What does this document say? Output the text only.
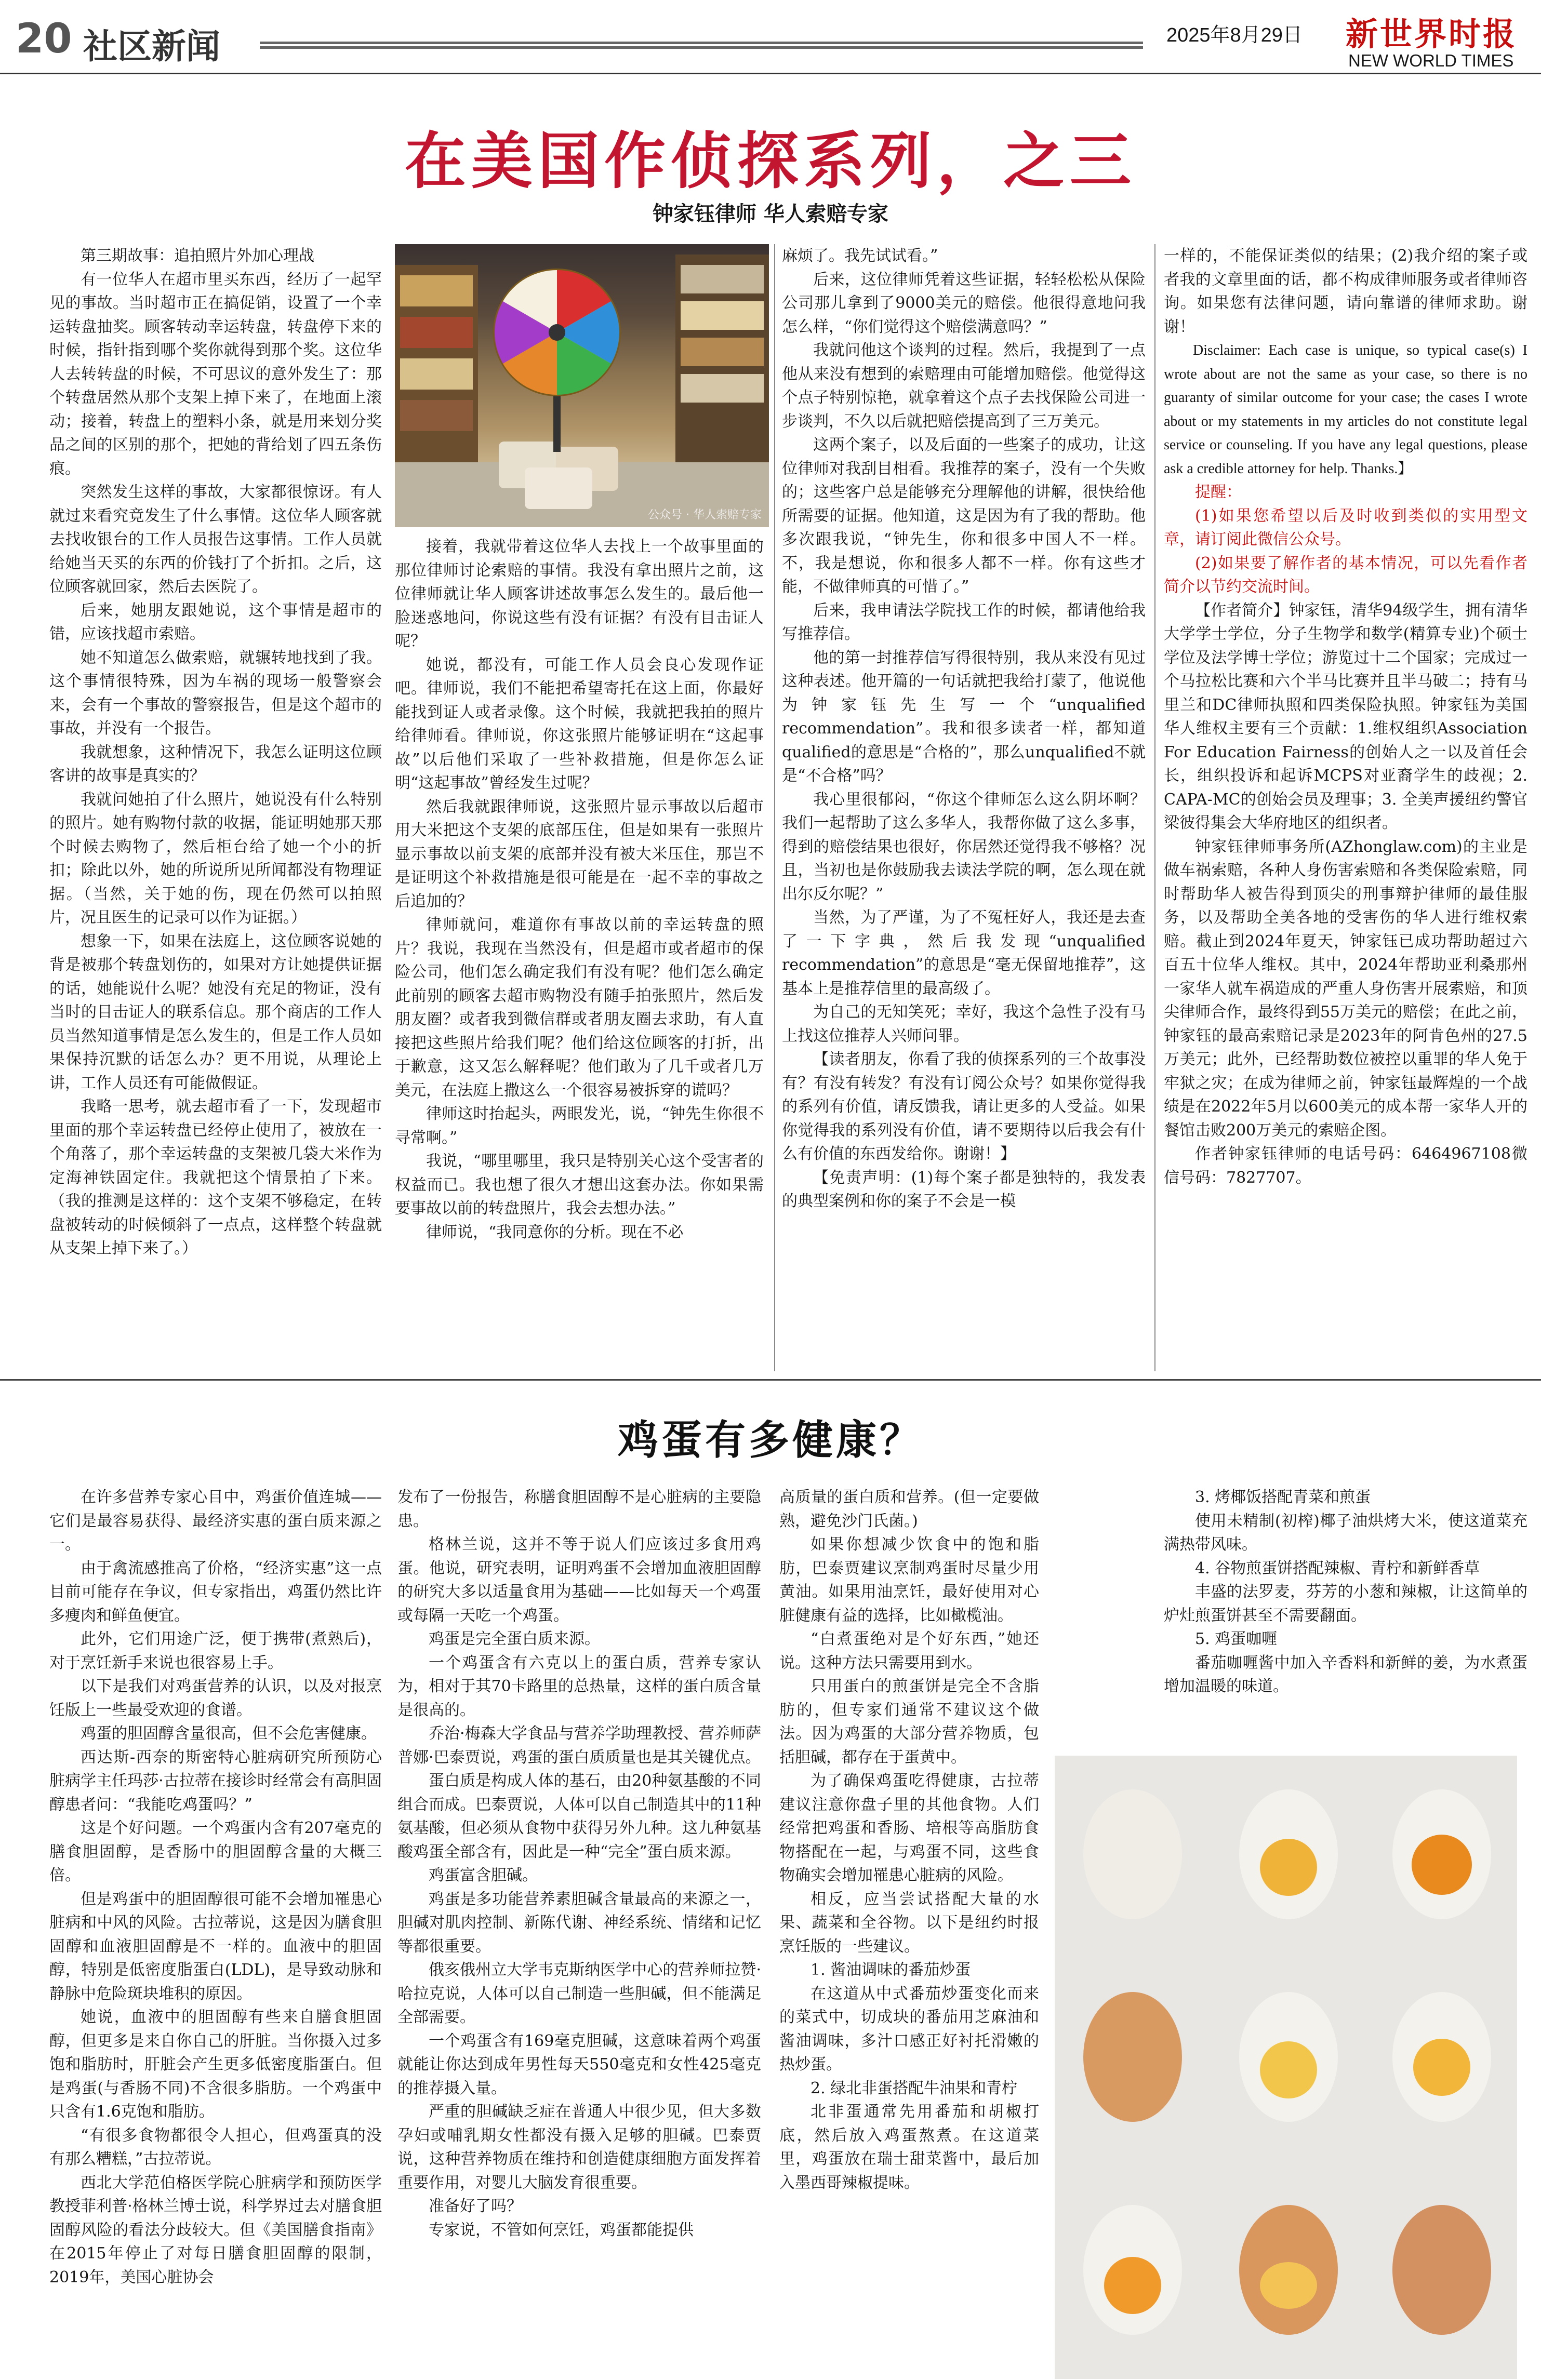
20 社区新闻	2025年8月29日 新世界时报
NEW WORLD TIMES
在美国作侦探系列，之三
钟家钰律师 华人索赔专家

第三期故事：追拍照片外加心理战

有一位华人在超市里买东西，经历了一起罕见的事故。当时超市正在搞促销，设置了一个幸运转盘抽奖。顾客转动幸运转盘，转盘停下来的时候，指针指到哪个奖你就得到那个奖。这位华人去转转盘的时候，不可思议的意外发生了：那个转盘居然从那个支架上掉下来了，在地面上滚动；接着，转盘上的塑料小条，就是用来划分奖品之间的区别的那个，把她的背给划了四五条伤痕。

突然发生这样的事故，大家都很惊讶。有人就过来看究竟发生了什么事情。这位华人顾客就去找收银台的工作人员报告这事情。工作人员就给她当天买的东西的价钱打了个折扣。之后，这位顾客就回家，然后去医院了。

后来，她朋友跟她说，这个事情是超市的错，应该找超市索赔。

她不知道怎么做索赔，就辗转地找到了我。这个事情很特殊，因为车祸的现场一般警察会来，会有一个事故的警察报告，但是这个超市的事故，并没有一个报告。

我就想象，这种情况下，我怎么证明这位顾客讲的故事是真实的？

我就问她拍了什么照片，她说没有什么特别的照片。她有购物付款的收据，能证明她那天那个时候去购物了，然后柜台给了她一个小的折扣；除此以外，她的所说所见所闻都没有物理证据。（当然，关于她的伤，现在仍然可以拍照片，况且医生的记录可以作为证据。）

想象一下，如果在法庭上，这位顾客说她的背是被那个转盘划伤的，如果对方让她提供证据的话，她能说什么呢？她没有充足的物证，没有当时的目击证人的联系信息。那个商店的工作人员当然知道事情是怎么发生的，但是工作人员如果保持沉默的话怎么办？更不用说，从理论上讲，工作人员还有可能做假证。

我略一思考，就去超市看了一下，发现超市里面的那个幸运转盘已经停止使用了，被放在一个角落了，那个幸运转盘的支架被几袋大米作为定海神铁固定住。我就把这个情景拍了下来。（我的推测是这样的：这个支架不够稳定，在转盘被转动的时候倾斜了一点点，这样整个转盘就从支架上掉下来了。）

公众号 · 华人索赔专家

接着，我就带着这位华人去找上一个故事里面的那位律师讨论索赔的事情。我没有拿出照片之前，这位律师就让华人顾客讲述故事怎么发生的。最后他一脸迷惑地问，你说这些有没有证据？有没有目击证人呢？

她说，都没有，可能工作人员会良心发现作证吧。律师说，我们不能把希望寄托在这上面，你最好能找到证人或者录像。这个时候，我就把我拍的照片给律师看。律师说，你这张照片能够证明在“这起事故”以后他们采取了一些补救措施，但是你怎么证明“这起事故”曾经发生过呢？

然后我就跟律师说，这张照片显示事故以后超市用大米把这个支架的底部压住，但是如果有一张照片显示事故以前支架的底部并没有被大米压住，那岂不是证明这个补救措施是很可能是在一起不幸的事故之后追加的？

律师就问，难道你有事故以前的幸运转盘的照片？我说，我现在当然没有，但是超市或者超市的保险公司，他们怎么确定我们有没有呢？他们怎么确定此前别的顾客去超市购物没有随手拍张照片，然后发朋友圈？或者我到微信群或者朋友圈去求助，有人直接把这些照片给我们呢？他们给这位顾客的打折，出于歉意，这又怎么解释呢？他们敢为了几千或者几万美元，在法庭上撒这么一个很容易被拆穿的谎吗？

律师这时抬起头，两眼发光，说，“钟先生你很不寻常啊。”

我说，“哪里哪里，我只是特别关心这个受害者的权益而已。我也想了很久才想出这套办法。你如果需要事故以前的转盘照片，我会去想办法。”

律师说，“我同意你的分析。现在不必

麻烦了。我先试试看。”

后来，这位律师凭着这些证据，轻轻松松从保险公司那儿拿到了9000美元的赔偿。他很得意地问我怎么样，“你们觉得这个赔偿满意吗？”

我就问他这个谈判的过程。然后，我提到了一点他从来没有想到的索赔理由可能增加赔偿。他觉得这个点子特别惊艳，就拿着这个点子去找保险公司进一步谈判，不久以后就把赔偿提高到了三万美元。

这两个案子，以及后面的一些案子的成功，让这位律师对我刮目相看。我推荐的案子，没有一个失败的；这些客户总是能够充分理解他的讲解，很快给他所需要的证据。他知道，这是因为有了我的帮助。他多次跟我说，“钟先生，你和很多中国人不一样。不，我是想说，你和很多人都不一样。你有这些才能，不做律师真的可惜了。”

后来，我申请法学院找工作的时候，都请他给我写推荐信。

他的第一封推荐信写得很特别，我从来没有见过这种表述。他开篇的一句话就把我给打蒙了，他说他为钟家钰先生写一个“unqualified recommendation”。我和很多读者一样，都知道qualified的意思是“合格的”，那么unqualified不就是“不合格”吗？

我心里很郁闷，“你这个律师怎么这么阴坏啊？我们一起帮助了这么多华人，我帮你做了这么多事，得到的赔偿结果也很好，你居然还觉得我不够格？况且，当初也是你鼓励我去读法学院的啊，怎么现在就出尔反尔呢？”

当然，为了严谨，为了不冤枉好人，我还是去查了一下字典，然后我发现“unqualified recommendation”的意思是“毫无保留地推荐”，这基本上是推荐信里的最高级了。

为自己的无知笑死；幸好，我这个急性子没有马上找这位推荐人兴师问罪。

【读者朋友，你看了我的侦探系列的三个故事没有？有没有转发？有没有订阅公众号？如果你觉得我的系列有价值，请反馈我，请让更多的人受益。如果你觉得我的系列没有价值，请不要期待以后我会有什么有价值的东西发给你。谢谢！】

【免责声明：(1)每个案子都是独特的，我发表的典型案例和你的案子不会是一模

一样的，不能保证类似的结果；(2)我介绍的案子或者我的文章里面的话，都不构成律师服务或者律师咨询。如果您有法律问题，请向靠谱的律师求助。谢谢！

Disclaimer: Each case is unique, so typical case(s) I wrote about are not the same as your case, so there is no guaranty of similar outcome for your case; the cases I wrote about or my statements in my articles do not constitute legal service or counseling. If you have any legal questions, please ask a credible attorney for help. Thanks.】

提醒：

(1)如果您希望以后及时收到类似的实用型文章，请订阅此微信公众号。

(2)如果要了解作者的基本情况，可以先看作者简介以节约交流时间。

【作者简介】钟家钰，清华94级学生，拥有清华大学学士学位，分子生物学和数学(精算专业)个硕士学位及法学博士学位；游览过十二个国家；完成过一个马拉松比赛和六个半马比赛并且半马破二；持有马里兰和DC律师执照和四类保险执照。钟家钰为美国华人维权主要有三个贡献：1.维权组织Association For Education Fairness的创始人之一以及首任会长，组织投诉和起诉MCPS对亚裔学生的歧视；2. CAPA-MC的创始会员及理事；3. 全美声援纽约警官梁彼得集会大华府地区的组织者。

钟家钰律师事务所(AZhonglaw.com)的主业是做车祸索赔，各种人身伤害索赔和各类保险索赔，同时帮助华人被告得到顶尖的刑事辩护律师的最佳服务，以及帮助全美各地的受害伤的华人进行维权索赔。截止到2024年夏天，钟家钰已成功帮助超过六百五十位华人维权。其中，2024年帮助亚利桑那州一家华人就车祸造成的严重人身伤害开展索赔，和顶尖律师合作，最终得到55万美元的赔偿；在此之前，钟家钰的最高索赔记录是2023年的阿肯色州的27.5万美元；此外，已经帮助数位被控以重罪的华人免于牢狱之灾；在成为律师之前，钟家钰最辉煌的一个战绩是在2022年5月以600美元的成本帮一家华人开的餐馆击败200万美元的索赔企图。

作者钟家钰律师的电话号码：6464967108微信号码：7827707。

鸡蛋有多健康？

在许多营养专家心目中，鸡蛋价值连城——它们是最容易获得、最经济实惠的蛋白质来源之一。

由于禽流感推高了价格，“经济实惠”这一点目前可能存在争议，但专家指出，鸡蛋仍然比许多瘦肉和鲜鱼便宜。

此外，它们用途广泛，便于携带(煮熟后)，对于烹饪新手来说也很容易上手。

以下是我们对鸡蛋营养的认识，以及对报烹饪版上一些最受欢迎的食谱。

鸡蛋的胆固醇含量很高，但不会危害健康。

西达斯-西奈的斯密特心脏病研究所预防心脏病学主任玛莎·古拉蒂在接诊时经常会有高胆固醇患者问：“我能吃鸡蛋吗？”

这是个好问题。一个鸡蛋内含有207毫克的膳食胆固醇，是香肠中的胆固醇含量的大概三倍。

但是鸡蛋中的胆固醇很可能不会增加罹患心脏病和中风的风险。古拉蒂说，这是因为膳食胆固醇和血液胆固醇是不一样的。血液中的胆固醇，特别是低密度脂蛋白(LDL)，是导致动脉和静脉中危险斑块堆积的原因。

她说，血液中的胆固醇有些来自膳食胆固醇，但更多是来自你自己的肝脏。当你摄入过多饱和脂肪时，肝脏会产生更多低密度脂蛋白。但是鸡蛋(与香肠不同)不含很多脂肪。一个鸡蛋中只含有1.6克饱和脂肪。

“有很多食物都很令人担心，但鸡蛋真的没有那么糟糕，”古拉蒂说。

西北大学范伯格医学院心脏病学和预防医学教授菲利普·格林兰博士说，科学界过去对膳食胆固醇风险的看法分歧较大。但《美国膳食指南》在2015年停止了对每日膳食胆固醇的限制，2019年，美国心脏协会

发布了一份报告，称膳食胆固醇不是心脏病的主要隐患。

格林兰说，这并不等于说人们应该过多食用鸡蛋。他说，研究表明，证明鸡蛋不会增加血液胆固醇的研究大多以适量食用为基础——比如每天一个鸡蛋或每隔一天吃一个鸡蛋。

鸡蛋是完全蛋白质来源。

一个鸡蛋含有六克以上的蛋白质，营养专家认为，相对于其70卡路里的总热量，这样的蛋白质含量是很高的。

乔治·梅森大学食品与营养学助理教授、营养师萨普娜·巴泰贾说，鸡蛋的蛋白质质量也是其关键优点。

蛋白质是构成人体的基石，由20种氨基酸的不同组合而成。巴泰贾说，人体可以自己制造其中的11种氨基酸，但必须从食物中获得另外九种。这九种氨基酸鸡蛋全部含有，因此是一种“完全”蛋白质来源。

鸡蛋富含胆碱。

鸡蛋是多功能营养素胆碱含量最高的来源之一，胆碱对肌肉控制、新陈代谢、神经系统、情绪和记忆等都很重要。

俄亥俄州立大学韦克斯纳医学中心的营养师拉赞·哈拉克说，人体可以自己制造一些胆碱，但不能满足全部需要。

一个鸡蛋含有169毫克胆碱，这意味着两个鸡蛋就能让你达到成年男性每天550毫克和女性425毫克的推荐摄入量。

严重的胆碱缺乏症在普通人中很少见，但大多数孕妇或哺乳期女性都没有摄入足够的胆碱。巴泰贾说，这种营养物质在维持和创造健康细胞方面发挥着重要作用，对婴儿大脑发育很重要。

准备好了吗？

专家说，不管如何烹饪，鸡蛋都能提供

高质量的蛋白质和营养。(但一定要做熟，避免沙门氏菌。)

如果你想减少饮食中的饱和脂肪，巴泰贾建议烹制鸡蛋时尽量少用黄油。如果用油烹饪，最好使用对心脏健康有益的选择，比如橄榄油。

“白煮蛋绝对是个好东西，”她还说。这种方法只需要用到水。

只用蛋白的煎蛋饼是完全不含脂肪的，但专家们通常不建议这个做法。因为鸡蛋的大部分营养物质，包括胆碱，都存在于蛋黄中。

为了确保鸡蛋吃得健康，古拉蒂建议注意你盘子里的其他食物。人们经常把鸡蛋和香肠、培根等高脂肪食物搭配在一起，与鸡蛋不同，这些食物确实会增加罹患心脏病的风险。

相反，应当尝试搭配大量的水果、蔬菜和全谷物。以下是纽约时报烹饪版的一些建议。

1. 酱油调味的番茄炒蛋

在这道从中式番茄炒蛋变化而来的菜式中，切成块的番茄用芝麻油和酱油调味，多汁口感正好衬托滑嫩的热炒蛋。

2. 绿北非蛋搭配牛油果和青柠

北非蛋通常先用番茄和胡椒打底，然后放入鸡蛋熬煮。在这道菜里，鸡蛋放在瑞士甜菜酱中，最后加入墨西哥辣椒提味。

3. 烤椰饭搭配青菜和煎蛋

使用未精制(初榨)椰子油烘烤大米，使这道菜充满热带风味。

4. 谷物煎蛋饼搭配辣椒、青柠和新鲜香草

丰盛的法罗麦，芬芳的小葱和辣椒，让这简单的炉灶煎蛋饼甚至不需要翻面。

5. 鸡蛋咖喱

番茄咖喱酱中加入辛香料和新鲜的姜，为水煮蛋增加温暖的味道。
